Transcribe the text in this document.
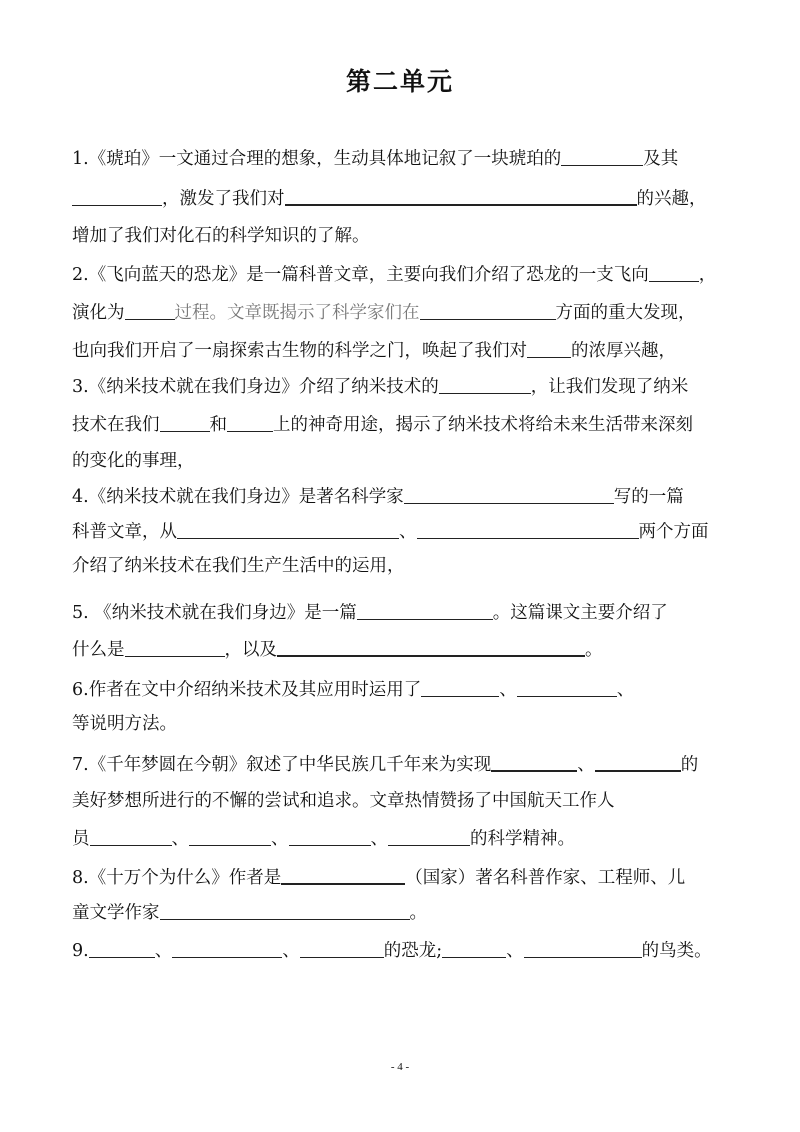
第二单元
1.《琥珀》一文通过合理的想象，生动具体地记叙了一块琥珀的	及其
，激发了我们对	的兴趣，
增加了我们对化石的科学知识的了解。
2.《飞向蓝天的恐龙》是一篇科普文章，主要向我们介绍了恐龙的一支飞向	，
演化为	过程。文章既揭示了科学家们在	方面的重大发现，
也向我们开启了一扇探索古生物的科学之门，唤起了我们对	的浓厚兴趣，
3.《纳米技术就在我们身边》介绍了纳米技术的	，让我们发现了纳米
技术在我们	和	上的神奇用途，揭示了纳米技术将给未来生活带来深刻
的变化的事理，
4.《纳米技术就在我们身边》是著名科学家	写的一篇
科普文章，从	、	两个方面
介绍了纳米技术在我们生产生活中的运用，
5. 《纳米技术就在我们身边》是一篇	。这篇课文主要介绍了
什么是	，以及	。
6.作者在文中介绍纳米技术及其应用时运用了	、	、
等说明方法。
7.《千年梦圆在今朝》叙述了中华民族几千年来为实现	、	的
美好梦想所进行的不懈的尝试和追求。文章热情赞扬了中国航天工作人
员	、	、	、	的科学精神。
8.《十万个为什么》作者是	（国家）著名科普作家、工程师、儿
童文学作家	。
9.	、	、	的恐龙;	、	的鸟类。
- 4 -
